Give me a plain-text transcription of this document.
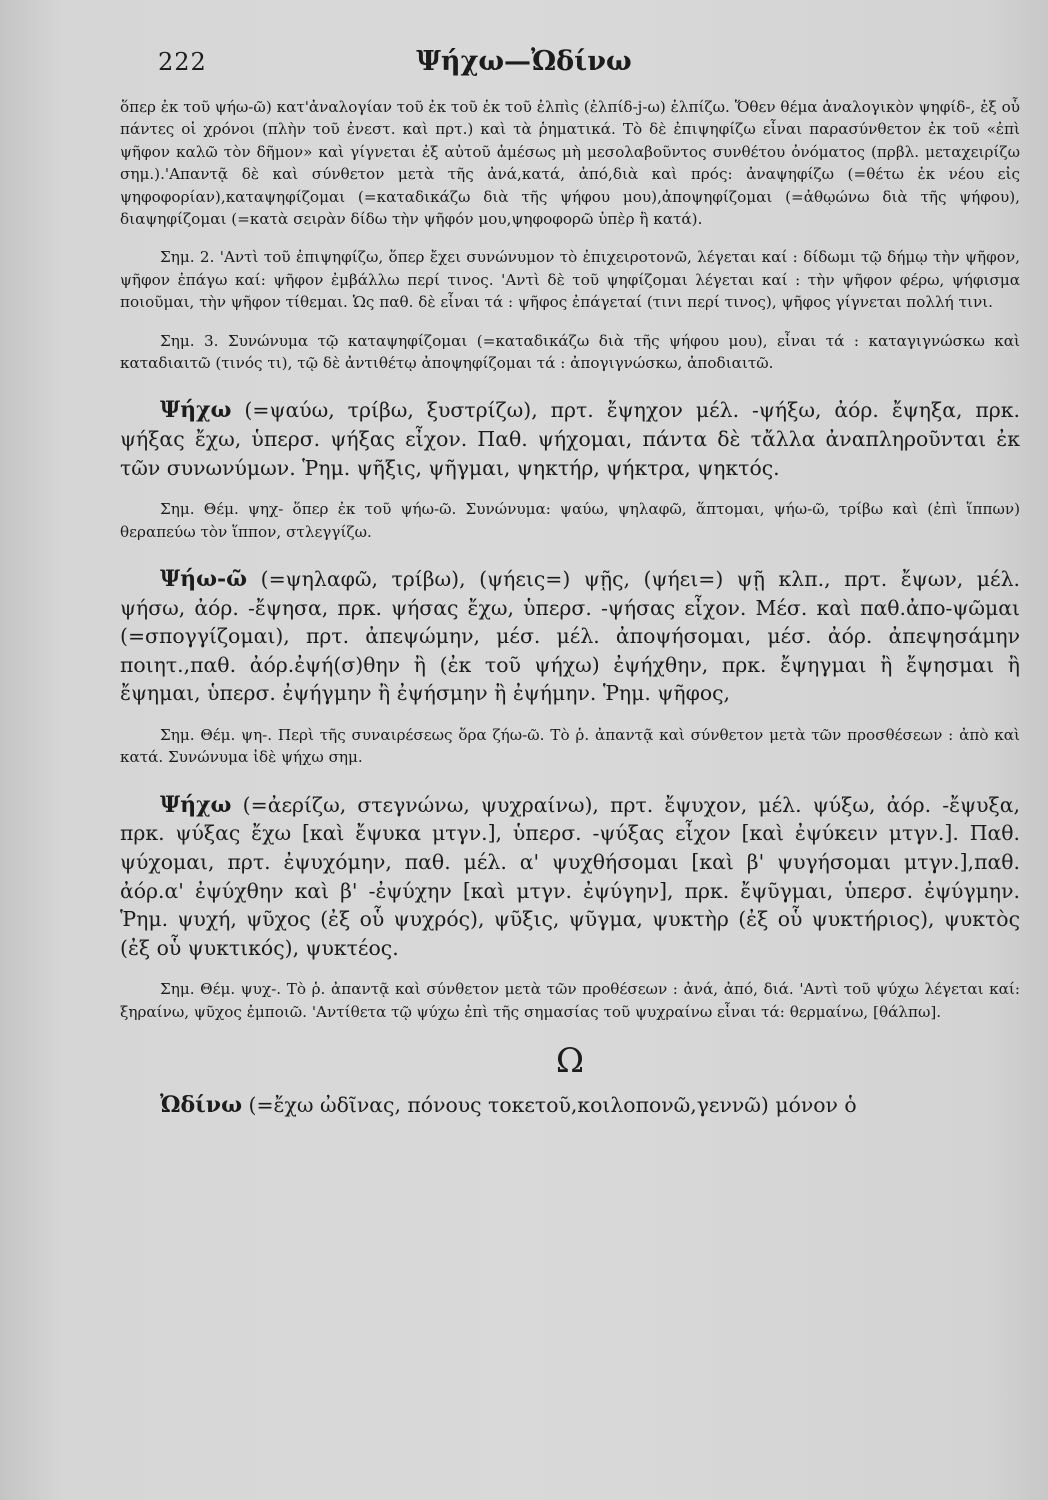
222	Ψήχω—Ὠδίνω

ὅπερ ἐκ τοῦ ψήω-ῶ) κατ'ἀναλογίαν τοῦ ἐκ τοῦ ἐκ τοῦ ἐλπὶς (ἐλπίδ-j-ω) ἐλπίζω. Ὅθεν θέμα ἀναλογικὸν ψηφίδ-, ἐξ οὗ πάντες οἱ χρόνοι (πλὴν τοῦ ἐνεστ. καὶ πρτ.) καὶ τὰ ῥηματικά. Τὸ δὲ ἐπιψηφίζω εἶναι παρασύνθετον ἐκ τοῦ «ἐπὶ ψῆφον καλῶ τὸν δῆμον» καὶ γίγνεται ἐξ αὐτοῦ ἀμέσως μὴ μεσολαβοῦντος συνθέτου ὀνόματος (πρβλ. μεταχειρίζω σημ.).'Απαντᾷ δὲ καὶ σύνθετον μετὰ τῆς ἀνά,κατά, ἀπό,διὰ καὶ πρός: ἀναψηφίζω (=θέτω ἐκ νέου εἰς ψηφοφορίαν),καταψηφίζομαι (=καταδικάζω διὰ τῆς ψήφου μου),ἀποψηφίζομαι (=ἀθῳώνω διὰ τῆς ψήφου), διαψηφίζομαι (=κατὰ σειρὰν δίδω τὴν ψῆφόν μου,ψηφοφορῶ ὑπὲρ ἢ κατά).

Σημ. 2. 'Αντὶ τοῦ ἐπιψηφίζω, ὅπερ ἔχει συνώνυμον τὸ ἐπιχειροτονῶ, λέγεται καί : δίδωμι τῷ δήμῳ τὴν ψῆφον, ψῆφον ἐπάγω καί: ψῆφον ἐμβάλλω περί τινος. 'Αντὶ δὲ τοῦ ψηφίζομαι λέγεται καί : τὴν ψῆφον φέρω, ψήφισμα ποιοῦμαι, τὴν ψῆφον τίθεμαι. Ὡς παθ. δὲ εἶναι τά : ψῆφος ἐπάγεταί (τινι περί τινος), ψῆφος γίγνεται πολλή τινι.

Σημ. 3. Συνώνυμα τῷ καταψηφίζομαι (=καταδικάζω διὰ τῆς ψήφου μου), εἶναι τά : καταγιγνώσκω καὶ καταδιαιτῶ (τινός τι), τῷ δὲ ἀντιθέτῳ ἀποψηφίζομαι τά : ἀπογιγνώσκω, ἀποδιαιτῶ.

Ψήχω (=ψαύω, τρίβω, ξυστρίζω), πρτ. ἔψηχον μέλ. -ψήξω, ἀόρ. ἔψηξα, πρκ. ψήξας ἔχω, ὑπερσ. ψήξας εἶχον. Παθ. ψήχομαι, πάντα δὲ τἄλλα ἀναπληροῦνται ἐκ τῶν συνωνύμων. Ῥημ. ψῆξις, ψῆγμαι, ψηκτήρ, ψήκτρα, ψηκτός.

Σημ. Θέμ. ψηχ- ὅπερ ἐκ τοῦ ψήω-ῶ. Συνώνυμα: ψαύω, ψηλαφῶ, ἅπτομαι, ψήω-ῶ, τρίβω καὶ (ἐπὶ ἵππων) θεραπεύω τὸν ἵππον, στλεγγίζω.

Ψήω-ῶ (=ψηλαφῶ, τρίβω), (ψήεις=) ψῇς, (ψήει=) ψῇ κλπ., πρτ. ἔψων, μέλ. ψήσω, ἀόρ. -ἔψησα, πρκ. ψήσας ἔχω, ὑπερσ. -ψήσας εἶχον. Μέσ. καὶ παθ.ἀπο-ψῶμαι (=σπογγίζομαι), πρτ. ἀπεψώμην, μέσ. μέλ. ἀποψήσομαι, μέσ. ἀόρ. ἀπεψησάμην ποιητ.,παθ. ἀόρ.ἐψή(σ)θην ἢ (ἐκ τοῦ ψήχω) ἐψήχθην, πρκ. ἔψηγμαι ἢ ἔψησμαι ἢ ἔψημαι, ὑπερσ. ἐψήγμην ἢ ἐψήσμην ἢ ἐψήμην. Ῥημ. ψῆφος,

Σημ. Θέμ. ψη-. Περὶ τῆς συναιρέσεως ὅρα ζήω-ῶ. Τὸ ῥ. ἀπαντᾷ καὶ σύνθετον μετὰ τῶν προσθέσεων : ἀπὸ καὶ κατά. Συνώνυμα ἰδὲ ψήχω σημ.

Ψήχω (=ἀερίζω, στεγνώνω, ψυχραίνω), πρτ. ἔψυχον, μέλ. ψύξω, ἀόρ. -ἔψυξα, πρκ. ψύξας ἔχω [καὶ ἔψυκα μτγν.], ὑπερσ. -ψύξας εἶχον [καὶ ἐψύκειν μτγν.]. Παθ. ψύχομαι, πρτ. ἐψυχόμην, παθ. μέλ. α' ψυχθήσομαι [καὶ β' ψυγήσομαι μτγν.],παθ. ἀόρ.α' ἐψύχθην καὶ β' -ἐψύχην [καὶ μτγν. ἐψύγην], πρκ. ἔψῦγμαι, ὑπερσ. ἐψύγμην. Ῥημ. ψυχή, ψῦχος (ἐξ οὗ ψυχρός), ψῦξις, ψῦγμα, ψυκτὴρ (ἐξ οὗ ψυκτήριος), ψυκτὸς (ἐξ οὗ ψυκτικός), ψυκτέος.

Σημ. Θέμ. ψυχ-. Τὸ ῥ. ἀπαντᾷ καὶ σύνθετον μετὰ τῶν προθέσεων : ἀνά, ἀπό, διά. 'Αντὶ τοῦ ψύχω λέγεται καί: ξηραίνω, ψῦχος ἐμποιῶ. 'Αντίθετα τῷ ψύχω ἐπὶ τῆς σημασίας τοῦ ψυχραίνω εἶναι τά: θερμαίνω, [θάλπω].

Ω

Ὠδίνω (=ἔχω ὠδῖνας, πόνους τοκετοῦ,κοιλοπονῶ,γεννῶ) μόνον ὁ
